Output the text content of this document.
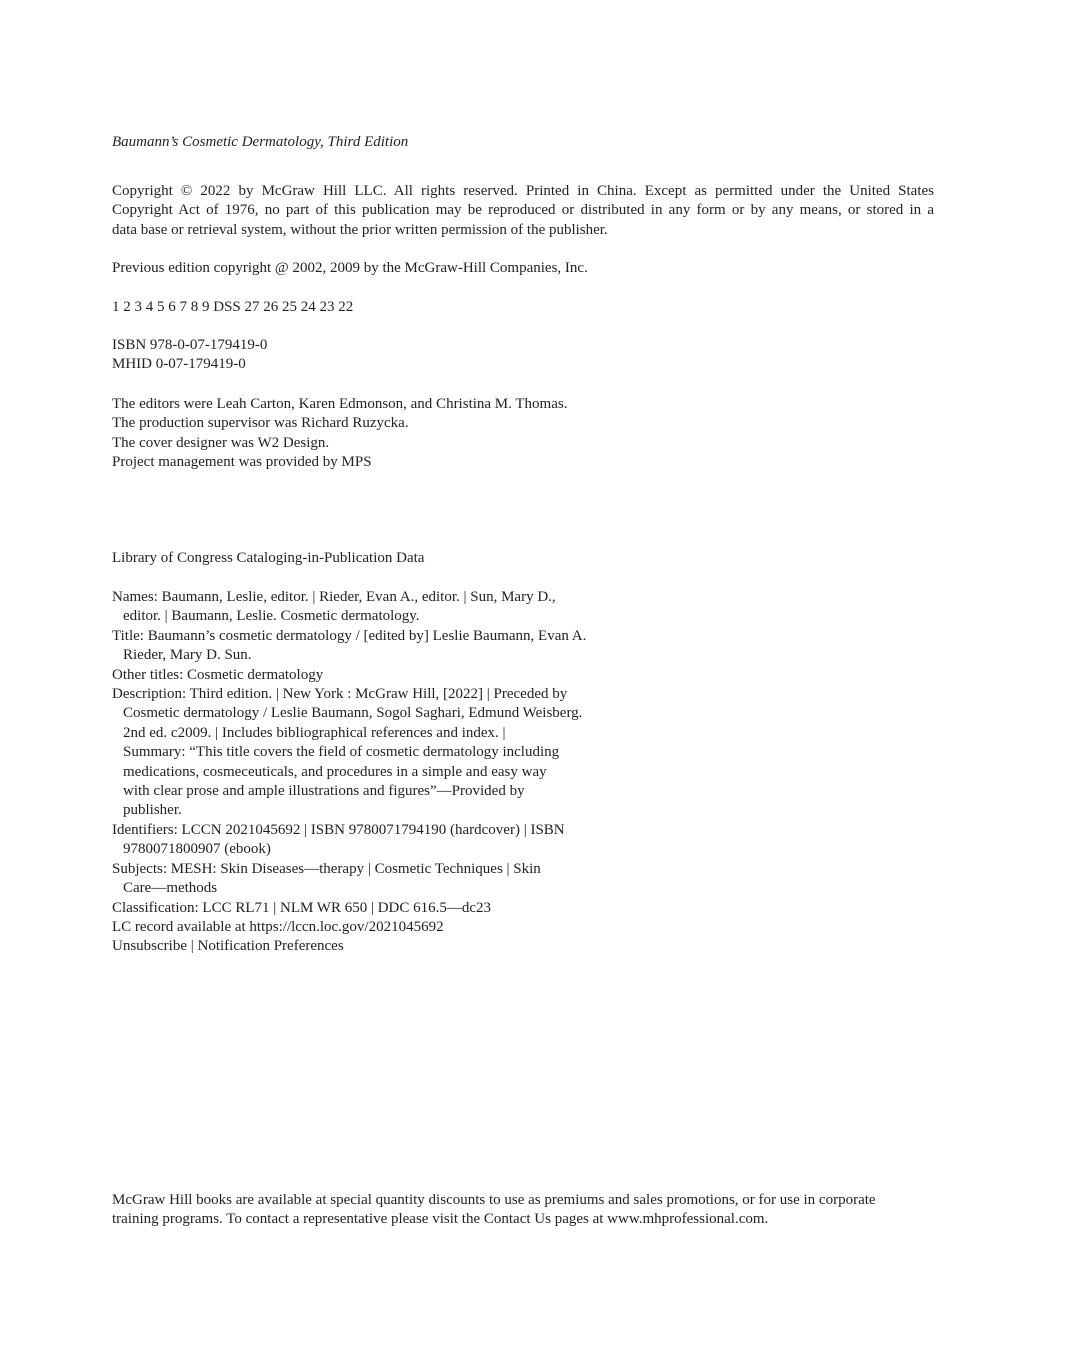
Baumann’s Cosmetic Dermatology, Third Edition
Copyright © 2022 by McGraw Hill LLC. All rights reserved. Printed in China. Except as permitted under the United States
Copyright Act of 1976, no part of this publication may be reproduced or distributed in any form or by any means, or stored in a
data base or retrieval system, without the prior written permission of the publisher.
Previous edition copyright @ 2002, 2009 by the McGraw-Hill Companies, Inc.
1 2 3 4 5 6 7 8 9 DSS 27 26 25 24 23 22
ISBN 978-0-07-179419-0
MHID 0-07-179419-0
The editors were Leah Carton, Karen Edmonson, and Christina M. Thomas.
The production supervisor was Richard Ruzycka.
The cover designer was W2 Design.
Project management was provided by MPS
Library of Congress Cataloging-in-Publication Data
Names: Baumann, Leslie, editor. | Rieder, Evan A., editor. | Sun, Mary D.,
editor. | Baumann, Leslie. Cosmetic dermatology.
Title: Baumann’s cosmetic dermatology / [edited by] Leslie Baumann, Evan A.
Rieder, Mary D. Sun.
Other titles: Cosmetic dermatology
Description: Third edition. | New York : McGraw Hill, [2022] | Preceded by
Cosmetic dermatology / Leslie Baumann, Sogol Saghari, Edmund Weisberg.
2nd ed. c2009. | Includes bibliographical references and index. |
Summary: “This title covers the field of cosmetic dermatology including
medications, cosmeceuticals, and procedures in a simple and easy way
with clear prose and ample illustrations and figures”—Provided by
publisher.
Identifiers: LCCN 2021045692 | ISBN 9780071794190 (hardcover) | ISBN
9780071800907 (ebook)
Subjects: MESH: Skin Diseases—therapy | Cosmetic Techniques | Skin
Care—methods
Classification: LCC RL71 | NLM WR 650 | DDC 616.5—dc23
LC record available at https://lccn.loc.gov/2021045692
Unsubscribe | Notification Preferences
McGraw Hill books are available at special quantity discounts to use as premiums and sales promotions, or for use in corporate
training programs. To contact a representative please visit the Contact Us pages at www.mhprofessional.com.
